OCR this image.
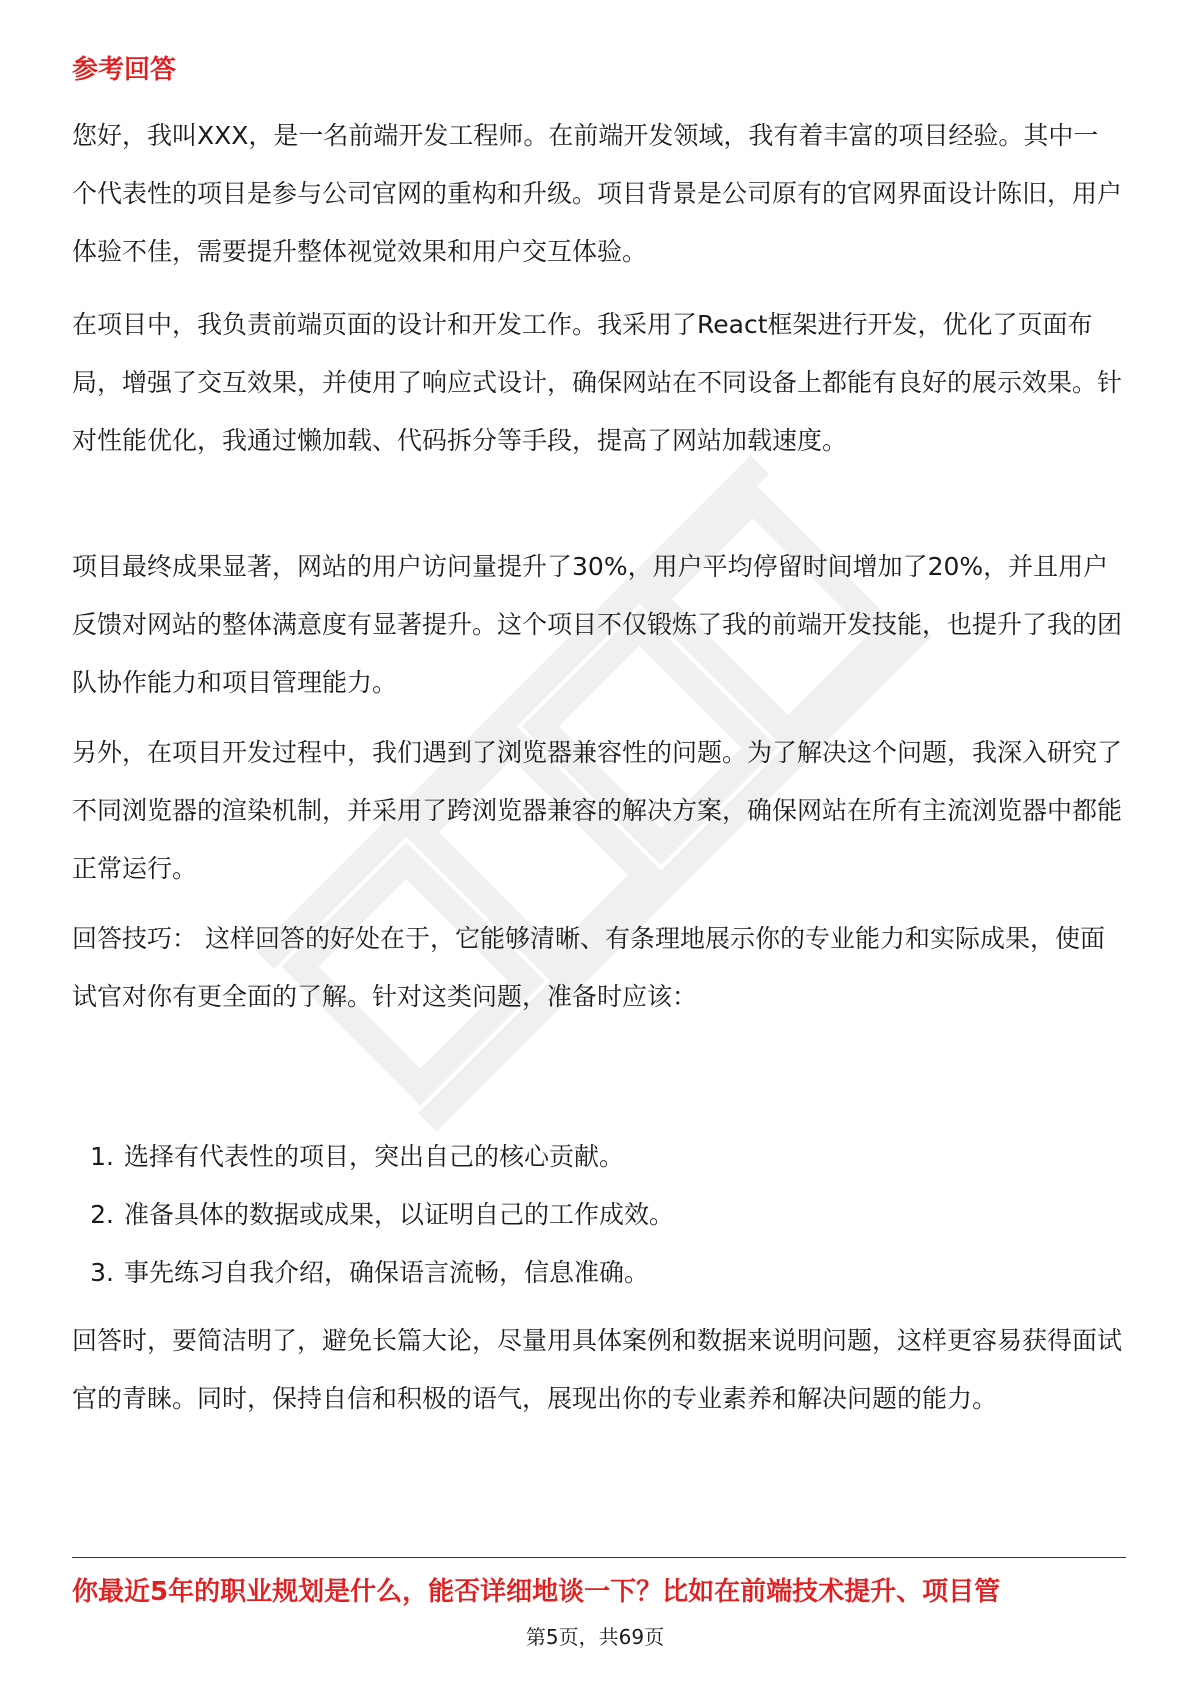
参考回答

您好，我叫XXX，是一名前端开发工程师。在前端开发领域，我有着丰富的项目经验。其中一个代表性的项目是参与公司官网的重构和升级。项目背景是公司原有的官网界面设计陈旧，用户体验不佳，需要提升整体视觉效果和用户交互体验。

在项目中，我负责前端页面的设计和开发工作。我采用了React框架进行开发，优化了页面布局，增强了交互效果，并使用了响应式设计，确保网站在不同设备上都能有良好的展示效果。针对性能优化，我通过懒加载、代码拆分等手段，提高了网站加载速度。

项目最终成果显著，网站的用户访问量提升了30%，用户平均停留时间增加了20%，并且用户反馈对网站的整体满意度有显著提升。这个项目不仅锻炼了我的前端开发技能，也提升了我的团队协作能力和项目管理能力。

另外，在项目开发过程中，我们遇到了浏览器兼容性的问题。为了解决这个问题，我深入研究了不同浏览器的渲染机制，并采用了跨浏览器兼容的解决方案，确保网站在所有主流浏览器中都能正常运行。

回答技巧： 这样回答的好处在于，它能够清晰、有条理地展示你的专业能力和实际成果，使面试官对你有更全面的了解。针对这类问题，准备时应该：

1. 选择有代表性的项目，突出自己的核心贡献。
2. 准备具体的数据或成果，以证明自己的工作成效。
3. 事先练习自我介绍，确保语言流畅，信息准确。

回答时，要简洁明了，避免长篇大论，尽量用具体案例和数据来说明问题，这样更容易获得面试官的青睐。同时，保持自信和积极的语气，展现出你的专业素养和解决问题的能力。

你最近5年的职业规划是什么，能否详细地谈一下？比如在前端技术提升、项目管

第5页，共69页
